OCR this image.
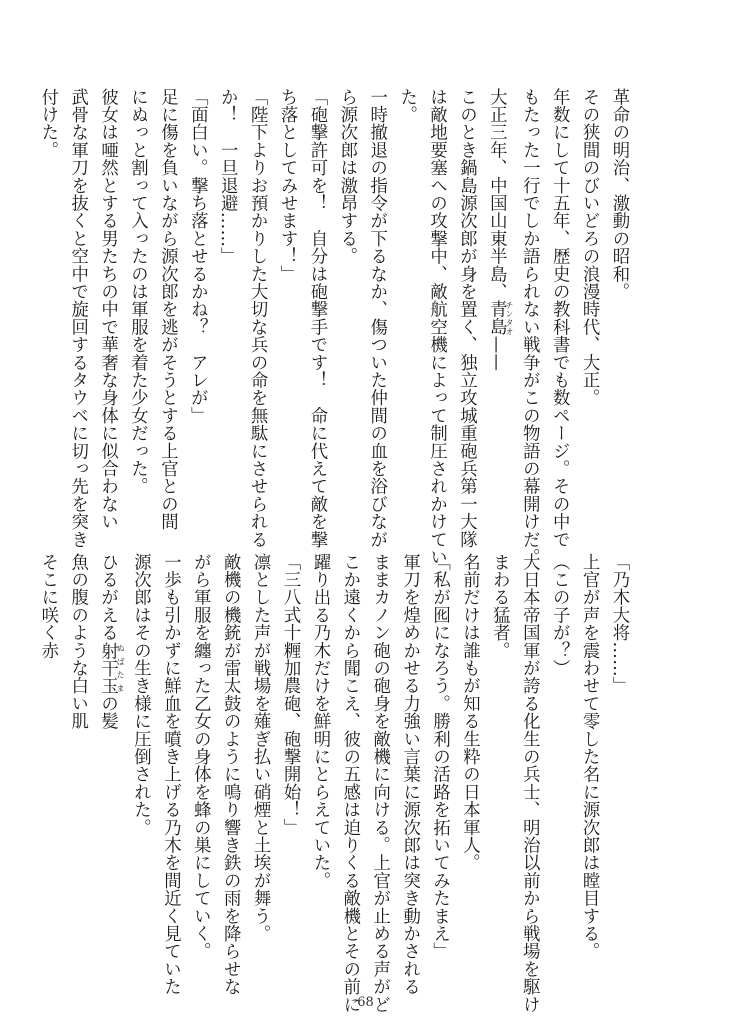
革命の明治、激動の昭和。
その狭間のびいどろの浪漫時代、大正。
年数にして十五年、歴史の教科書でも数ページ。その中で
もたった一行でしか語られない戦争がこの物語の幕開けだ。
大正三年、中国山東半島、青島チンタオ——
このとき鍋島源次郎が身を置く、独立攻城重砲兵第一大隊
は敵地要塞への攻撃中、敵航空機によって制圧されかけてい
た。
一時撤退の指令が下るなか、傷ついた仲間の血を浴びなが
ら源次郎は激昂する。
「砲撃許可を！　自分は砲撃手です！　命に代えて敵を撃
ち落としてみせます！」
「陛下よりお預かりした大切な兵の命を無駄にさせられる
か！　一旦退避……」
「面白い。撃ち落とせるかね？　アレが」
足に傷を負いながら源次郎を逃がそうとする上官との間
にぬっと割って入ったのは軍服を着た少女だった。
彼女は唖然とする男たちの中で華奢な身体に似合わない
武骨な軍刀を抜くと空中で旋回するタウベに切っ先を突き
付けた。
「乃木大将……」
上官が声を震わせて零した名に源次郎は瞠目する。
（この子が？）
大日本帝国軍が誇る化生の兵士、明治以前から戦場を駆け
まわる猛者。
名前だけは誰もが知る生粋の日本軍人。
「私が囮になろう。勝利の活路を拓いてみたまえ」
軍刀を煌めかせる力強い言葉に源次郎は突き動かされる
ままカノン砲の砲身を敵機に向ける。上官が止める声がど
こか遠くから聞こえ、彼の五感は迫りくる敵機とその前に
躍り出る乃木だけを鮮明にとらえていた。
「三八式十糎加農砲、砲撃開始！」
凛とした声が戦場を薙ぎ払い硝煙と土埃が舞う。
敵機の機銃が雷太鼓のように鳴り響き鉄の雨を降らせな
がら軍服を纏った乙女の身体を蜂の巣にしていく。
一歩も引かずに鮮血を噴き上げる乃木を間近く見ていた
源次郎はその生き様に圧倒された。
ひるがえる射干玉ぬばたまの髪
魚の腹のような白い肌
そこに咲く赤
68
